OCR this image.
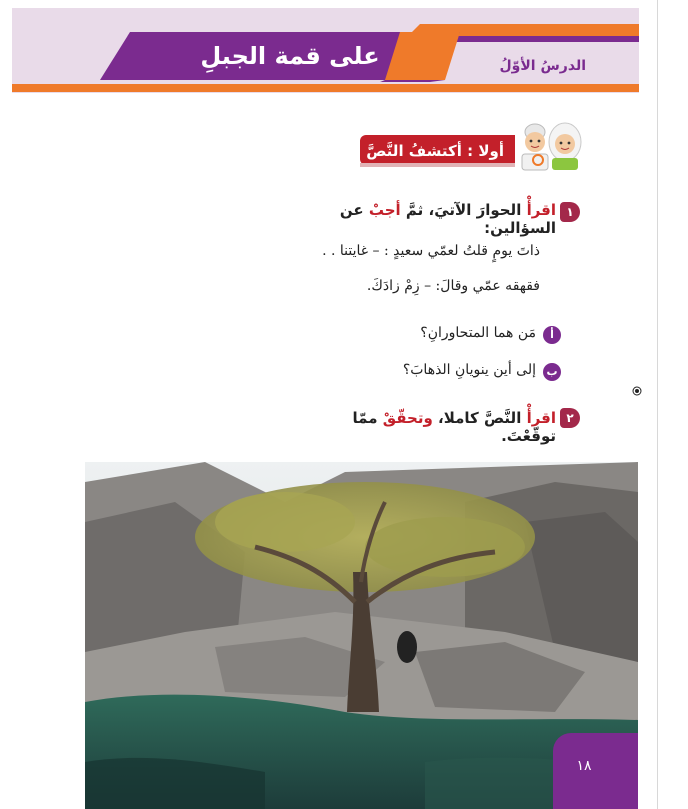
على قمة الجبلِ	الدرسُ الأوّلُ
أولا : أكتشفُ النَّصَّ :
١
اقرأْ الحوارَ الآتيَ، ثمَّ أجبْ عن السؤالين:
ذاتَ يومٍ قلتُ لعمّي سعيدٍ : – غايتنا . .
فقهقه عمّي وقالَ: – زِمْ زادَكَ.
أ
مَن هما المتحاورانِ؟
ب
إلى أين ينويانِ الذهابَ؟
٢
اقرأْ النَّصَّ كاملا، وتحقّقْ ممّا توقّعْتَ.
١٨
